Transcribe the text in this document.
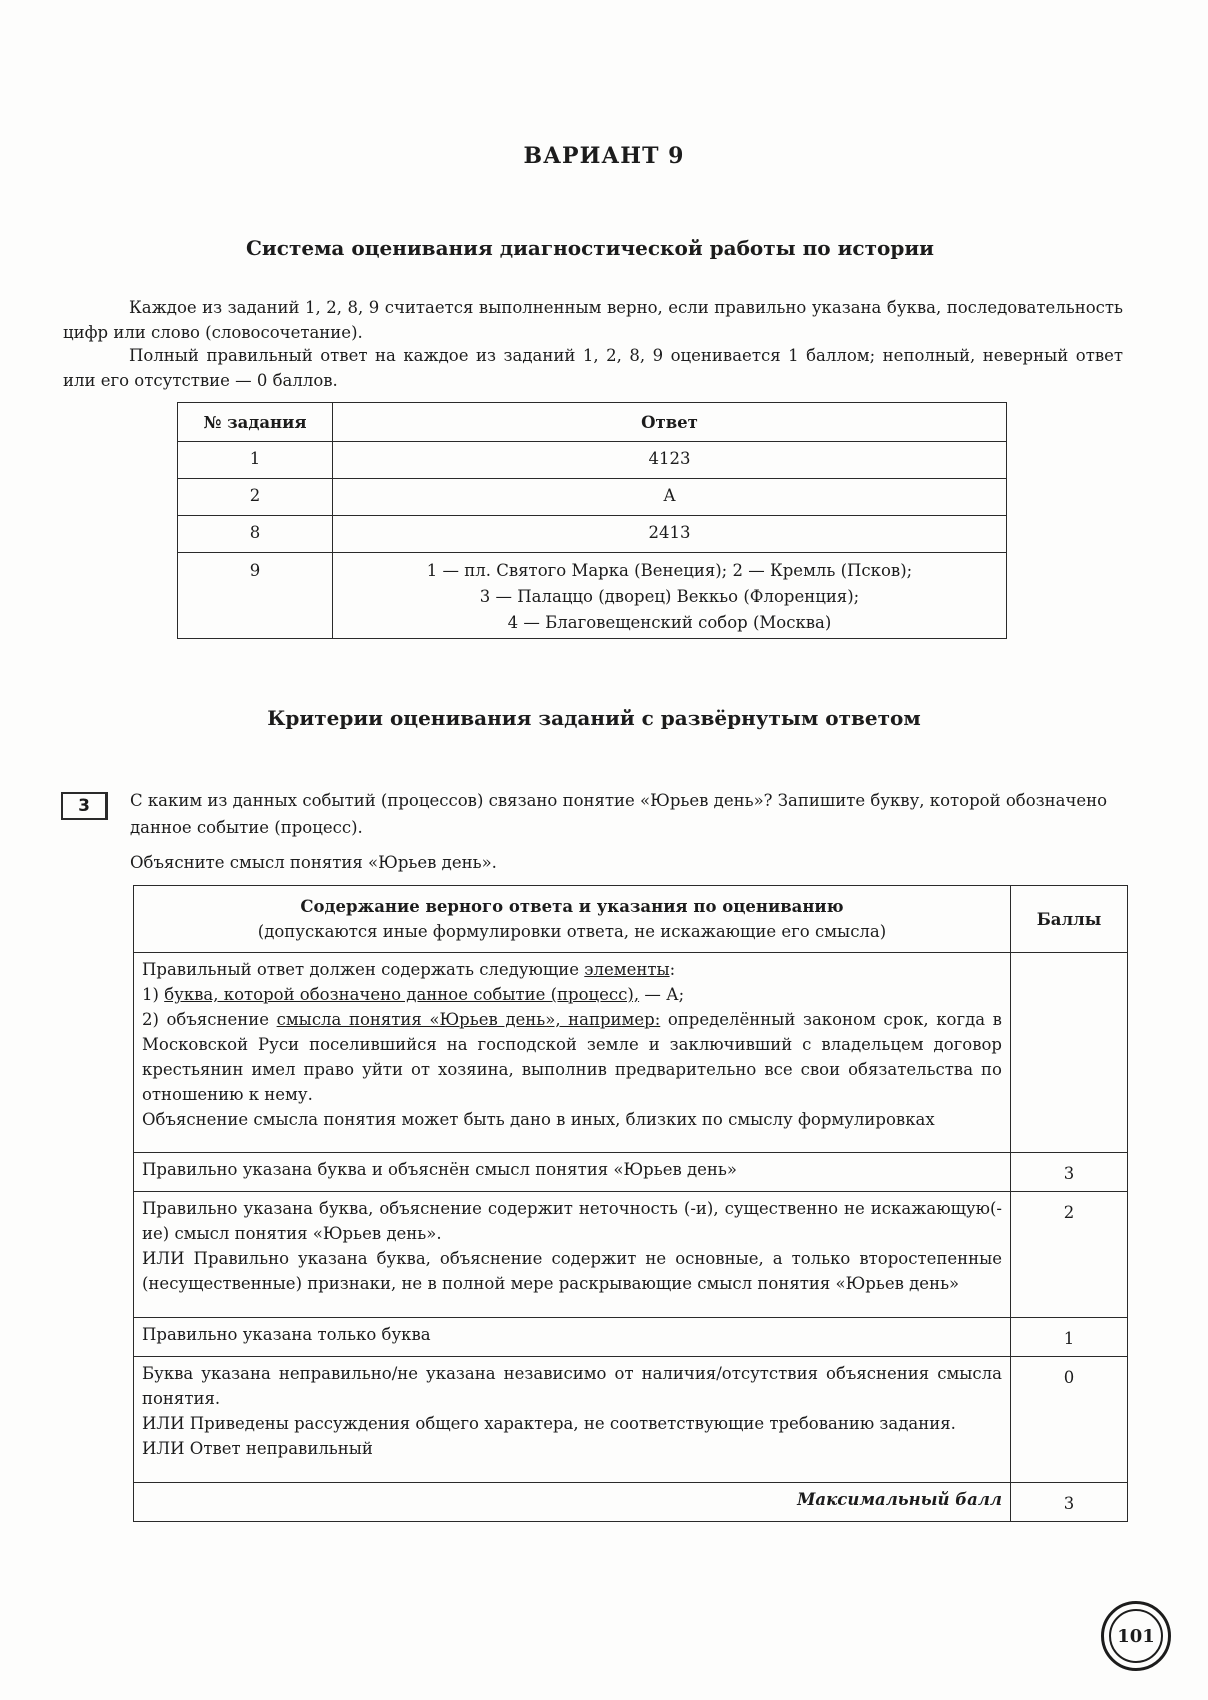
ВАРИАНТ 9
Система оценивания диагностической работы по истории

Каждое из заданий 1, 2, 8, 9 считается выполненным верно, если правильно указана буква, последовательность цифр или слово (словосочетание).

Полный правильный ответ на каждое из заданий 1, 2, 8, 9 оценивается 1 баллом; неполный, неверный ответ или его отсутствие — 0 баллов.

№ задания	Ответ
1	4123
2	А
8	2413
9	1 — пл. Святого Марка (Венеция); 2 — Кремль (Псков);
3 — Палаццо (дворец) Веккьо (Флоренция);
4 — Благовещенский собор (Москва)
Критерии оценивания заданий с развёрнутым ответом
3	С каким из данных событий (процессов) связано понятие «Юрьев день»? Запишите букву, которой обозначено данное событие (процесс).

Объясните смысл понятия «Юрьев день».

Содержание верного ответа и указания по оцениванию
(допускаются иные формулировки ответа, не искажающие его смысла)	Баллы

Правильный ответ должен содержать следующие элементы:
1) буква, которой обозначено данное событие (процесс), — А;
2) объяснение смысла понятия «Юрьев день», например: определённый законом срок, когда в Московской Руси поселившийся на господской земле и заключивший с владельцем договор крестьянин имел право уйти от хозяина, выполнив предварительно все свои обязательства по отношению к нему.
Объяснение смысла понятия может быть дано в иных, близких по смыслу формулировках	

Правильно указана буква и объяснён смысл понятия «Юрьев день»	3

Правильно указана буква, объяснение содержит неточность (-и), существенно не искажающую(-ие) смысл понятия «Юрьев день».
ИЛИ Правильно указана буква, объяснение содержит не основные, а только второстепенные (несущественные) признаки, не в полной мере раскрывающие смысл понятия «Юрьев день»	2

Правильно указана только буква	1

Буква указана неправильно/не указана независимо от наличия/отсутствия объяснения смысла понятия.
ИЛИ Приведены рассуждения общего характера, не соответствующие требованию задания.
ИЛИ Ответ неправильный	0
Максимальный балл	3
101
